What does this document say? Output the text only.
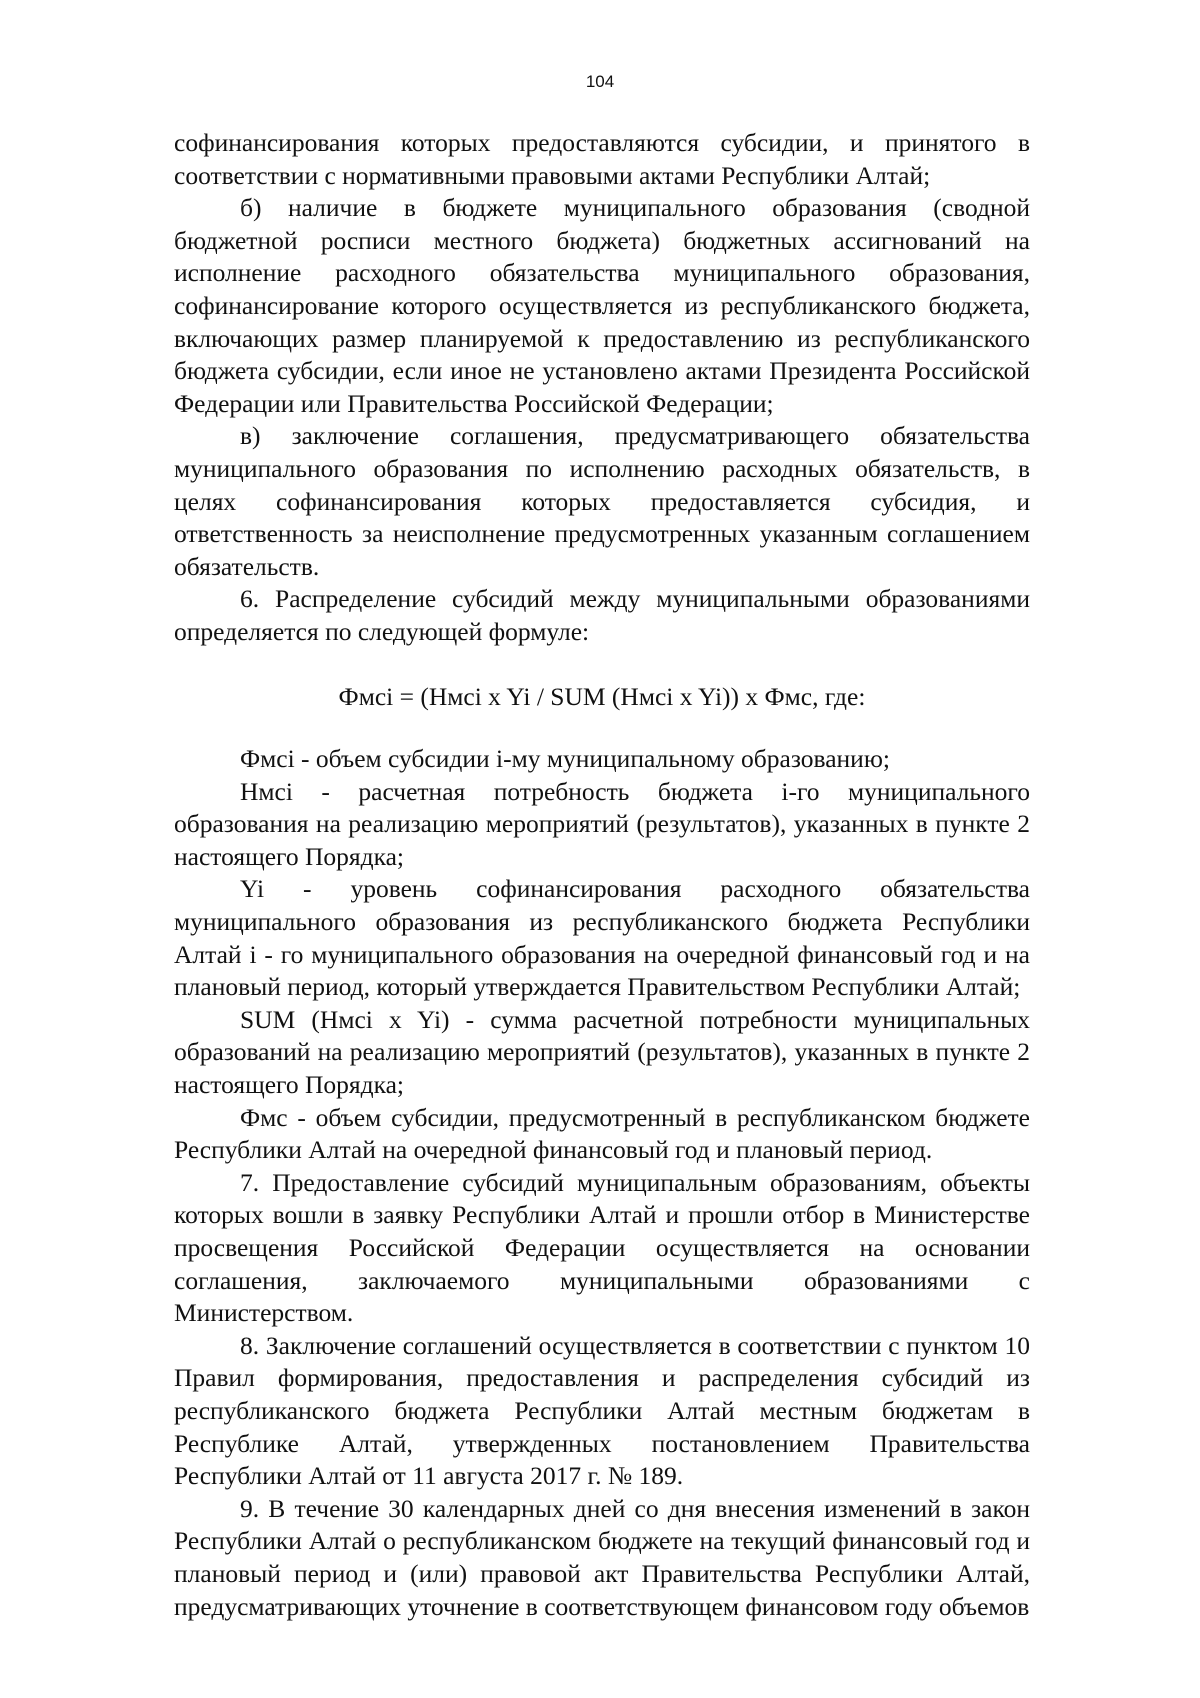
104

софинансирования которых предоставляются субсидии, и принятого в соответствии с нормативными правовыми актами Республики Алтай;

б) наличие в бюджете муниципального образования (сводной бюджетной росписи местного бюджета) бюджетных ассигнований на исполнение расходного обязательства муниципального образования, софинансирование которого осуществляется из республиканского бюджета, включающих размер планируемой к предоставлению из республиканского бюджета субсидии, если иное не установлено актами Президента Российской Федерации или Правительства Российской Федерации;

в) заключение соглашения, предусматривающего обязательства муниципального образования по исполнению расходных обязательств, в целях софинансирования которых предоставляется субсидия, и ответственность за неисполнение предусмотренных указанным соглашением обязательств.

6. Распределение субсидий между муниципальными образованиями определяется по следующей формуле:

Фмсi = (Нмсi x Yi / SUM (Нмсi x Yi)) x Фмс, где:

Фмсi - объем субсидии i-му муниципальному образованию;

Нмсi - расчетная потребность бюджета i-го муниципального образования на реализацию мероприятий (результатов), указанных в пункте 2 настоящего Порядка;

Yi - уровень софинансирования расходного обязательства муниципального образования из республиканского бюджета Республики Алтай i - го муниципального образования на очередной финансовый год и на плановый период, который утверждается Правительством Республики Алтай;

SUM (Нмсi x Yi) - сумма расчетной потребности муниципальных образований на реализацию мероприятий (результатов), указанных в пункте 2 настоящего Порядка;

Фмс - объем субсидии, предусмотренный в республиканском бюджете Республики Алтай на очередной финансовый год и плановый период.

7. Предоставление субсидий муниципальным образованиям, объекты которых вошли в заявку Республики Алтай и прошли отбор в Министерстве просвещения Российской Федерации осуществляется на основании соглашения, заключаемого муниципальными образованиями с Министерством.

8. Заключение соглашений осуществляется в соответствии с пунктом 10 Правил формирования, предоставления и распределения субсидий из республиканского бюджета Республики Алтай местным бюджетам в Республике Алтай, утвержденных постановлением Правительства Республики Алтай от 11 августа 2017 г. № 189.

9. В течение 30 календарных дней со дня внесения изменений в закон Республики Алтай о республиканском бюджете на текущий финансовый год и плановый период и (или) правовой акт Правительства Республики Алтай, предусматривающих уточнение в соответствующем финансовом году объемов
